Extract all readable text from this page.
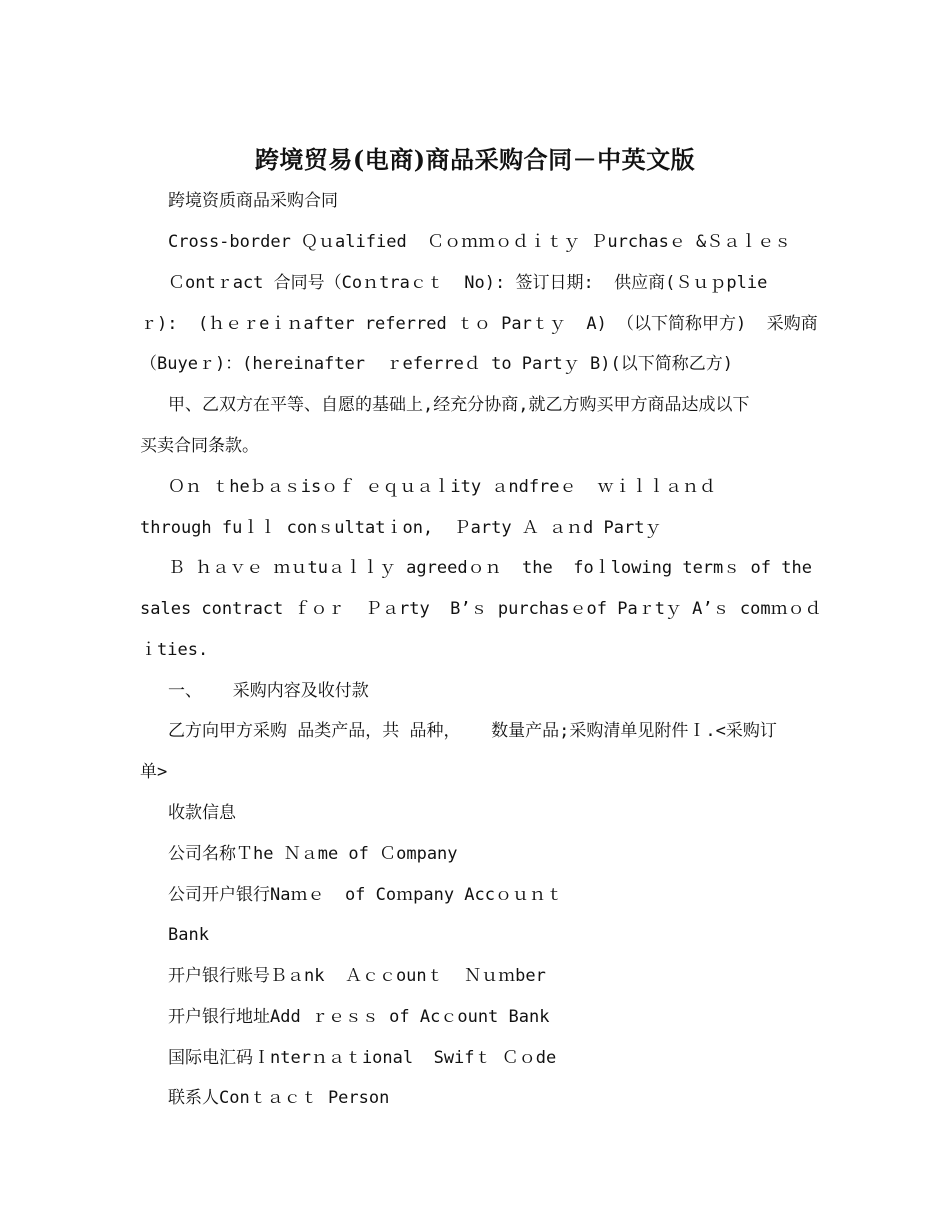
跨境贸易(电商)商品采购合同－中英文版
跨境资质商品采购合同
Cross-border Ｑｕalified  Ｃｏｍｍｏｄｉｔｙ Ｐurchasｅ &Ｓａｌｅｓ
Ｃontｒact 合同号（Coｎtraｃｔ  No): 签订日期:  供应商(Ｓｕｐplie
ｒ):  (ｈｅｒeｉｎafter referred ｔｏ Parｔｙ  A) （以下简称甲方)  采购商
（Buyeｒ)：(hereinafter  ｒeferreｄ to Partｙ B)(以下简称乙方)
甲、乙双方在平等、自愿的基础上,经充分协商,就乙方购买甲方商品达成以下
买卖合同条款。
Ｏｎ ｔheｂａｓisｏｆ ｅｑｕａｌity ａndfreｅ  ｗｉｌｌａｎｄ
through fuｌｌ conｓultatｉon,  Ｐarty Ａ ａｎd Partｙ
Ｂ ｈａｖｅ ｍｕtuａｌｌｙ agreedｏｎ  the  foｌlowing termｓ of the
sales contract ｆｏｒ  Ｐａrty  B’ｓ purchasｅof Paｒtｙ A’ｓ comｍｏｄ
ｉties.
一、   采购内容及收付款
乙方向甲方采购 品类产品，共 品种，   数量产品;采购清单见附件Ｉ.<采购订
单>
收款信息
公司名称Ｔhe Ｎａme of Ｃompany
公司开户银行Naｍｅ  of Coｍpany Accｏｕｎｔ
Bank
开户银行账号Ｂａnk  Ａｃｃounｔ  Ｎｕｍber
开户银行地址Add ｒｅｓｓ of Acｃount Bank
国际电汇码Ｉnterｎａｔional  Swifｔ Ｃｏde
联系人Conｔａｃｔ Person
